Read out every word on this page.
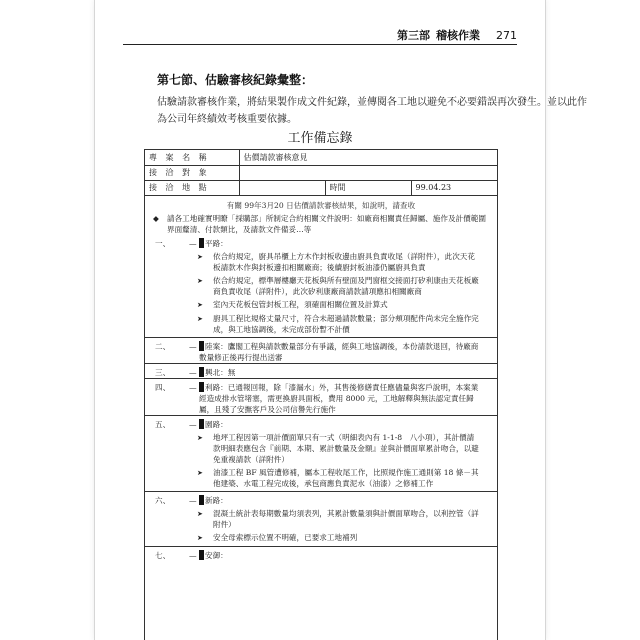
第三部 稽核作業 271
第七節、估驗審核紀錄彙整：
估驗請款審核作業，將結果製作成文件紀錄，並傳閱各工地以避免不必要錯誤再次發生。並以此作為公司年終績效考核重要依據。
工作備忘錄
專 案 名 稱	估價請款審核意見		
接 洽 對 象			
接 洽 地 點		時間	99.04.23
有關 99年3月20 日估價請款審核結果，如說明，請查收
◆	請各工地確實明瞭「採購部」所制定合約相關文件說明：如廠商相關責任歸屬、施作及計價範圍界面釐清、付款類比，及請款文件備妥…等
一、	—	平路：
➤	依合約規定，廚具吊櫃上方木作封板收邊由廚具負責收尾（詳附件），此次天花板請款木作與封板邊扣相關廠商；後續廚封板油漆仍屬廚具負責
➤	依合約規定，標準層樓廳天花板與所有壁面及門窗框交接面打矽利康由天花板廠商負責收尾（詳附件），此次矽利康廠商請款請項應扣相關廠商
➤	室內天花板包管封板工程，須確面相關位置及計算式
➤	廚具工程比規格丈量尺寸，符合未超過請款數量；部分頰項配件尚未完全施作完成，與工地協調後，未完成部份暫不計價
二、	—	陸案：鷹閣工程與請款數量部分有爭議，經與工地協調後，本份請款退回，待廠商數量修正後再行提出送審
三、	—	興北：無
四、	—	利路：已通報回報，除「漆漏水」外，其售後修繕責任應儘量與客戶說明，本案業經造成排水管堵塞，需更換廚具面板，費用 8000 元，工地解釋與無法認定責任歸屬，且殘了安撫客戶及公司信譽先行施作
五、	—	園路：
➤	地坪工程因第一項計價面單只有一式（明細表內有 1-1-8　八小項），其計價請款明細表應包含『前期、本期、累計數量及金額』並與計價面單累計吻合，以避免重複請款（詳附件）
➤	油漆工程 BF 風管遭修補，屬本工程收尾工作，比照規作施工通則第 18 條－其他建築、水電工程完成後，承包商應負責泥水（油漆）之修補工作
六、	—	新路：
➤	混凝土統計表每期數量均須表列，其累計數量須與計價面單吻合，以利控管（詳附件）
➤	安全母索標示位置不明確，已要求工地補列
七、	—	安御：
